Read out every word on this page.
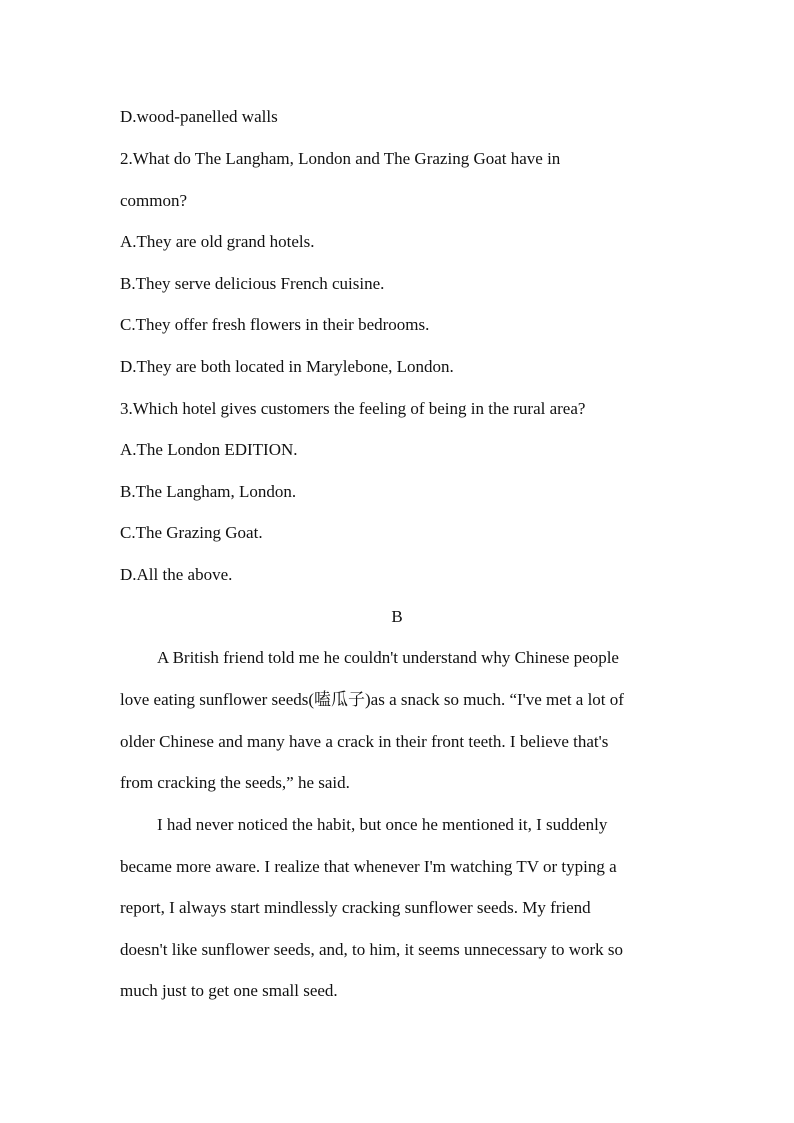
D.wood-panelled walls
2.What do The Langham, London and The Grazing Goat have in
common?
A.They are old grand hotels.
B.They serve delicious French cuisine.
C.They offer fresh flowers in their bedrooms.
D.They are both located in Marylebone, London.
3.Which hotel gives customers the feeling of being in the rural area?
A.The London EDITION.
B.The Langham, London.
C.The Grazing Goat.
D.All the above.
B
A British friend told me he couldn't understand why Chinese people
love eating sunflower seeds(嗑瓜子)as a snack so much. “I've met a lot of
older Chinese and many have a crack in their front teeth. I believe that's
from cracking the seeds,” he said.
I had never noticed the habit, but once he mentioned it, I suddenly
became more aware. I realize that whenever I'm watching TV or typing a
report, I always start mindlessly cracking sunflower seeds. My friend
doesn't like sunflower seeds, and, to him, it seems unnecessary to work so
much just to get one small seed.
